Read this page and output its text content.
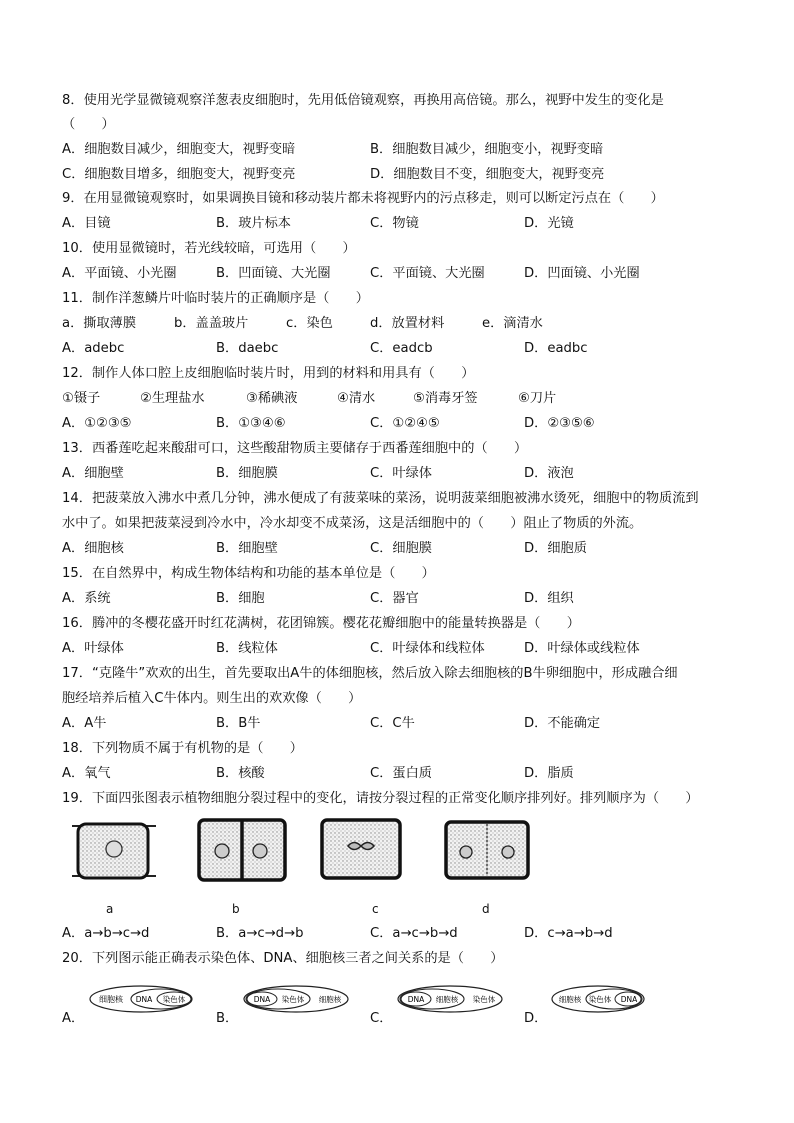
8．使用光学显微镜观察洋葱表皮细胞时，先用低倍镜观察，再换用高倍镜。那么，视野中发生的变化是
（　　）
A．细胞数目减少，细胞变大，视野变暗	B．细胞数目减少，细胞变小，视野变暗
C．细胞数目增多，细胞变大，视野变亮	D．细胞数目不变，细胞变大，视野变亮
9．在用显微镜观察时，如果调换目镜和移动装片都未将视野内的污点移走，则可以断定污点在（　　）
A．目镜	B．玻片标本	C．物镜	D．光镜
10．使用显微镜时，若光线较暗，可选用（　　）
A．平面镜、小光圈	B．凹面镜、大光圈	C．平面镜、大光圈	D．凹面镜、小光圈
11．制作洋葱鳞片叶临时装片的正确顺序是（　　）
a．撕取薄膜	b．盖盖玻片	c．染色	d．放置材料	e．滴清水
A．adebc	B．daebc	C．eadcb	D．eadbc
12．制作人体口腔上皮细胞临时装片时，用到的材料和用具有（　　）
①镊子	②生理盐水	③稀碘液	④清水	⑤消毒牙签	⑥刀片
A．①②③⑤	B．①③④⑥	C．①②④⑤	D．②③⑤⑥
13．西番莲吃起来酸甜可口，这些酸甜物质主要储存于西番莲细胞中的（　　）
A．细胞壁	B．细胞膜	C．叶绿体	D．液泡
14．把菠菜放入沸水中煮几分钟，沸水便成了有菠菜味的菜汤，说明菠菜细胞被沸水烫死，细胞中的物质流到
水中了。如果把菠菜浸到冷水中，冷水却变不成菜汤，这是活细胞中的（　　）阻止了物质的外流。
A．细胞核	B．细胞壁	C．细胞膜	D．细胞质
15．在自然界中，构成生物体结构和功能的基本单位是（　　）
A．系统	B．细胞	C．器官	D．组织
16．腾冲的冬樱花盛开时红花满树，花团锦簇。樱花花瓣细胞中的能量转换器是（　　）
A．叶绿体	B．线粒体	C．叶绿体和线粒体	D．叶绿体或线粒体
17．“克隆牛”欢欢的出生，首先要取出A牛的体细胞核，然后放入除去细胞核的B牛卵细胞中，形成融合细
胞经培养后植入C牛体内。则生出的欢欢像（　　）
A．A牛	B．B牛	C．C牛	D．不能确定
18．下列物质不属于有机物的是（　　）
A．氧气	B．核酸	C．蛋白质	D．脂质
19．下面四张图表示植物细胞分裂过程中的变化，请按分裂过程的正常变化顺序排列好。排列顺序为（　　）
a	b	c	d
A．a→b→c→d	B．a→c→d→b	C．a→c→b→d	D．c→a→b→d
20．下列图示能正确表示染色体、DNA、细胞核三者之间关系的是（　　）
A．
细胞核 DNA 染色体
B．
DNA 染色体 细胞核
C．
DNA 细胞核 染色体
D．
细胞核 染色体 DNA
